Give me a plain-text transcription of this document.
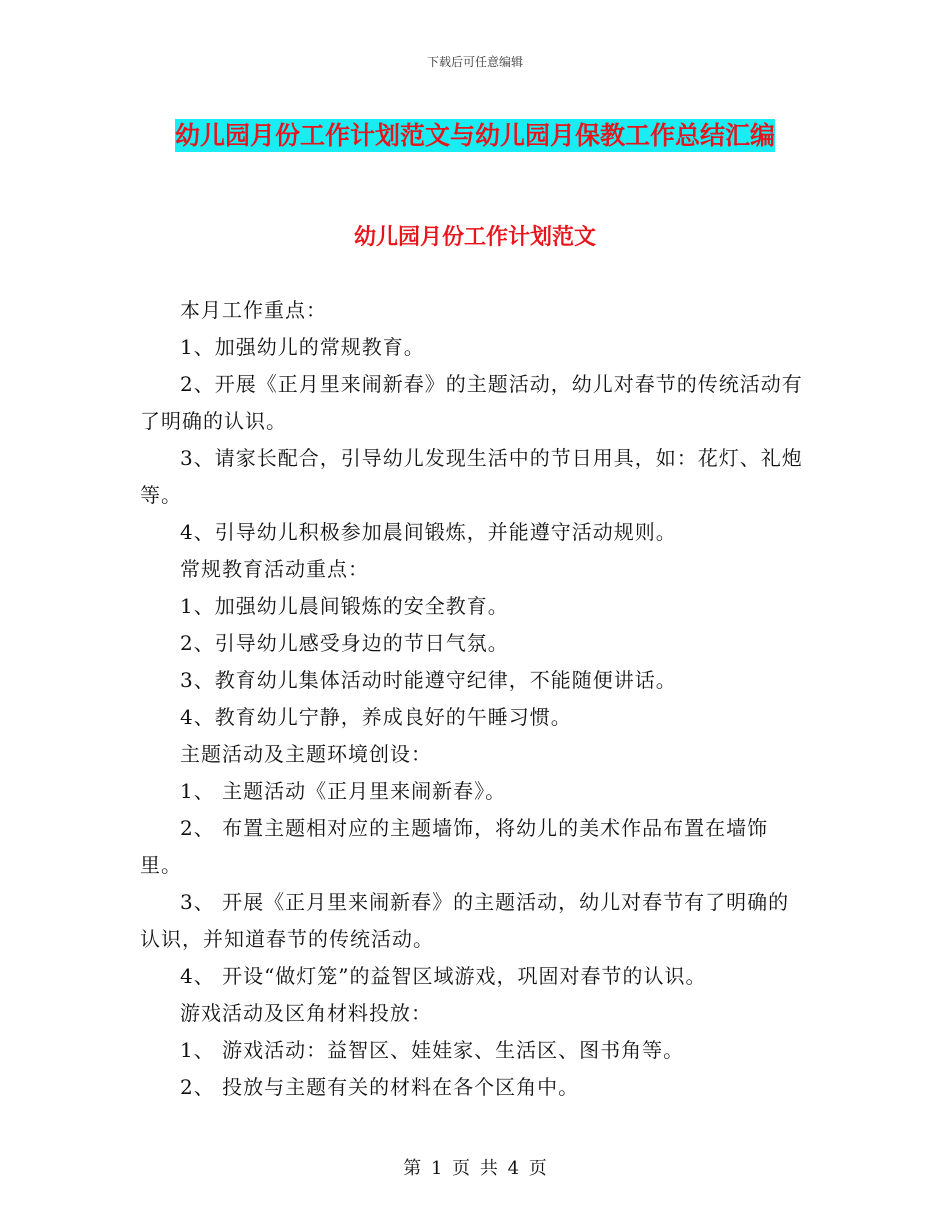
下载后可任意编辑
幼儿园月份工作计划范文与幼儿园月保教工作总结汇编
幼儿园月份工作计划范文

本月工作重点：

1、加强幼儿的常规教育。

2、开展《正月里来闹新春》的主题活动，幼儿对春节的传统活动有了明确的认识。

3、请家长配合，引导幼儿发现生活中的节日用具，如：花灯、礼炮等。

4、引导幼儿积极参加晨间锻炼，并能遵守活动规则。

常规教育活动重点：

1、加强幼儿晨间锻炼的安全教育。

2、引导幼儿感受身边的节日气氛。

3、教育幼儿集体活动时能遵守纪律，不能随便讲话。

4、教育幼儿宁静，养成良好的午睡习惯。

主题活动及主题环境创设：

1、 主题活动《正月里来闹新春》。

2、 布置主题相对应的主题墙饰，将幼儿的美术作品布置在墙饰里。

3、 开展《正月里来闹新春》的主题活动，幼儿对春节有了明确的认识，并知道春节的传统活动。

4、 开设“做灯笼”的益智区域游戏，巩固对春节的认识。

游戏活动及区角材料投放：

1、 游戏活动：益智区、娃娃家、生活区、图书角等。

2、 投放与主题有关的材料在各个区角中。

第 1 页 共 4 页
